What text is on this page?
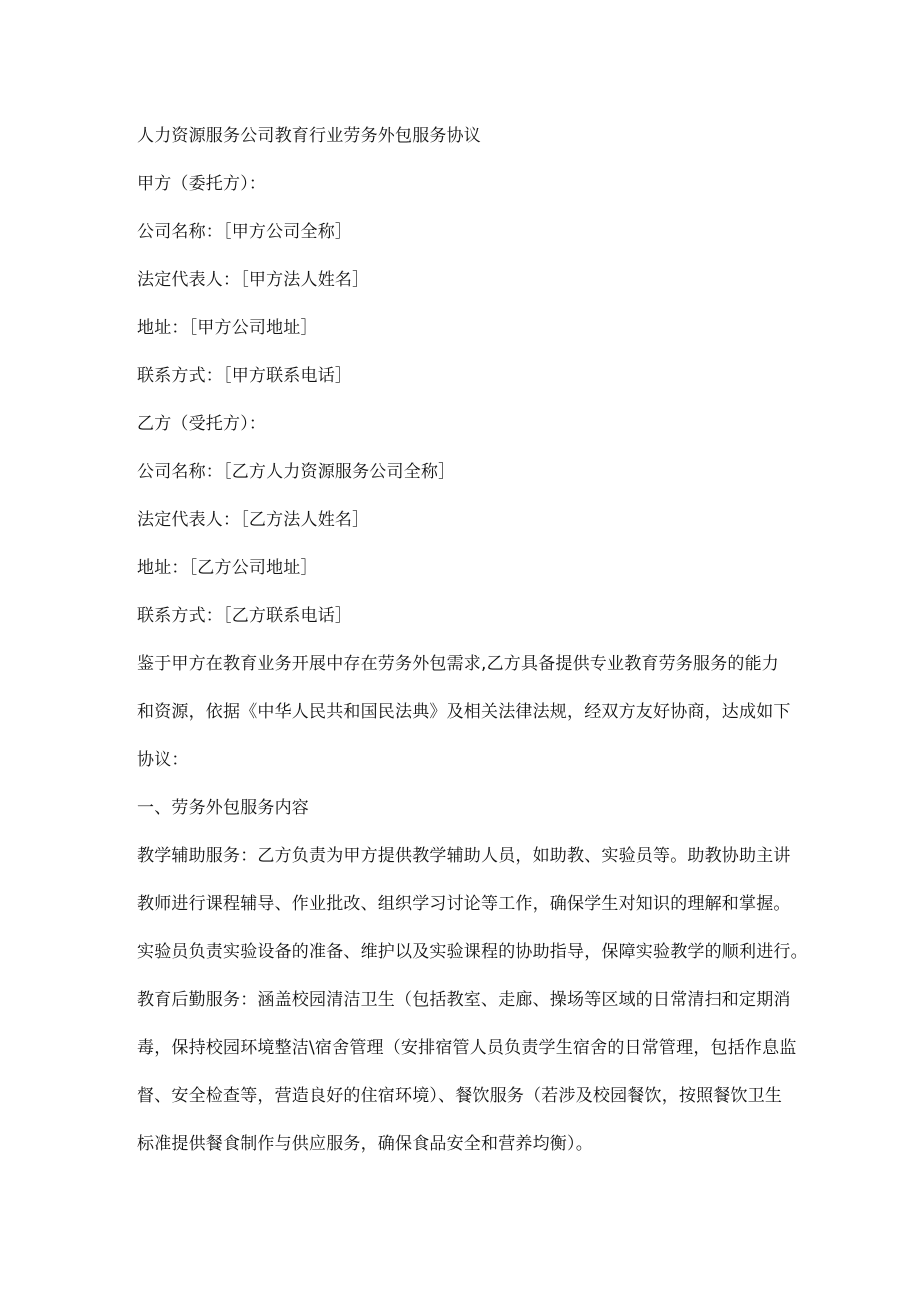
人力资源服务公司教育行业劳务外包服务协议
甲方（委托方）：
公司名称：［甲方公司全称］
法定代表人：［甲方法人姓名］
地址：［甲方公司地址］
联系方式：［甲方联系电话］
乙方（受托方）：
公司名称：［乙方人力资源服务公司全称］
法定代表人：［乙方法人姓名］
地址：［乙方公司地址］
联系方式：［乙方联系电话］
鉴于甲方在教育业务开展中存在劳务外包需求,乙方具备提供专业教育劳务服务的能力
和资源，依据《中华人民共和国民法典》及相关法律法规，经双方友好协商，达成如下
协议：
一、劳务外包服务内容
教学辅助服务：乙方负责为甲方提供教学辅助人员，如助教、实验员等。助教协助主讲
教师进行课程辅导、作业批改、组织学习讨论等工作，确保学生对知识的理解和掌握。
实验员负责实验设备的准备、维护以及实验课程的协助指导，保障实验教学的顺利进行。
教育后勤服务：涵盖校园清洁卫生（包括教室、走廊、操场等区域的日常清扫和定期消
毒，保持校园环境整洁\宿舍管理（安排宿管人员负责学生宿舍的日常管理，包括作息监
督、安全检查等，营造良好的住宿环境）、餐饮服务（若涉及校园餐饮，按照餐饮卫生
标准提供餐食制作与供应服务，确保食品安全和营养均衡）。
